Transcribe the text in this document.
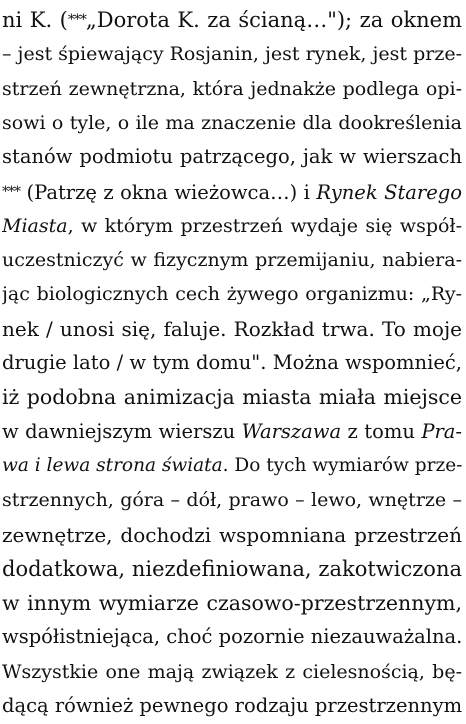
ni K. (***„Dorota K. za ścianą…"); za oknem
– jest śpiewający Rosjanin, jest rynek, jest prze-
strzeń zewnętrzna, która jednakże podlega opi-
sowi o tyle, o ile ma znaczenie dla dookreślenia
stanów podmiotu patrzącego, jak w wierszach
*** (Patrzę z okna wieżowca…) i Rynek Starego
Miasta, w którym przestrzeń wydaje się współ-
uczestniczyć w fizycznym przemijaniu, nabiera-
jąc biologicznych cech żywego organizmu: „Ry-
nek / unosi się, faluje. Rozkład trwa. To moje
drugie lato / w tym domu". Można wspomnieć,
iż podobna animizacja miasta miała miejsce
w dawniejszym wierszu Warszawa z tomu Pra-
wa i lewa strona świata. Do tych wymiarów prze-
strzennych, góra – dół, prawo – lewo, wnętrze –
zewnętrze, dochodzi wspomniana przestrzeń
dodatkowa, niezdefiniowana, zakotwiczona
w innym wymiarze czasowo-przestrzennym,
współistniejąca, choć pozornie niezauważalna.
Wszystkie one mają związek z cielesnością, bę-
dącą również pewnego rodzaju przestrzennym
